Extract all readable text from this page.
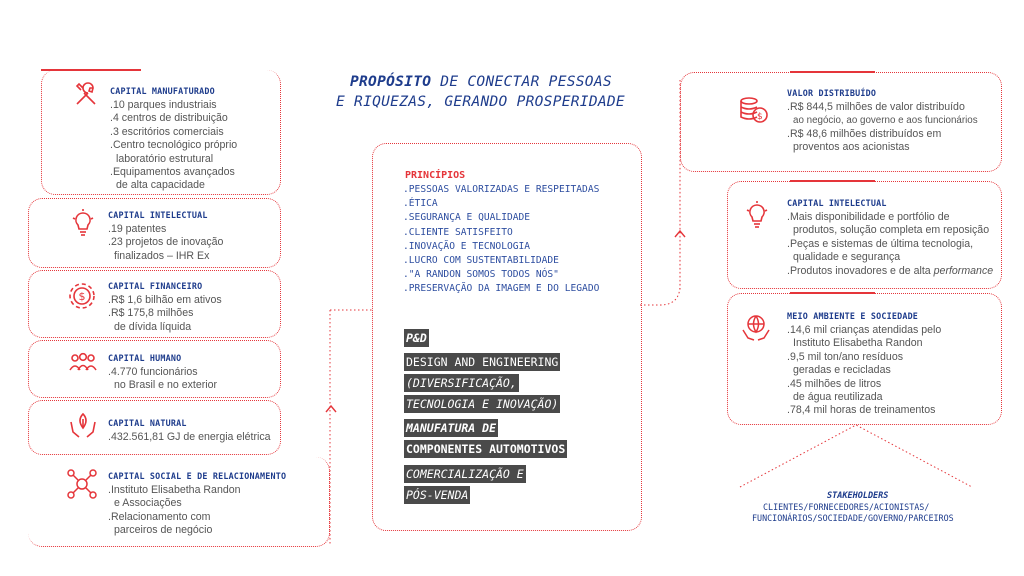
$
CAPITAL MANUFATURADO
.10 parques industriais
.4 centros de distribuição
.3 escritórios comerciais
.Centro tecnológico próprio
laboratório estrutural
.Equipamentos avançados
de alta capacidade
CAPITAL INTELECTUAL
.19 patentes
.23 projetos de inovação
finalizados – IHR Ex
CAPITAL FINANCEIRO
.R$ 1,6 bilhão em ativos
.R$ 175,8 milhões
de dívida líquida
CAPITAL HUMANO
.4.770 funcionários
no Brasil e no exterior
CAPITAL NATURAL
.432.561,81 GJ de energia elétrica
CAPITAL SOCIAL E DE RELACIONAMENTO
.Instituto Elisabetha Randon
e Associações
.Relacionamento com
parceiros de negócio
PROPÓSITO DE CONECTAR PESSOAS
E RIQUEZAS, GERANDO PROSPERIDADE
PRINCÍPIOS
.PESSOAS VALORIZADAS E RESPEITADAS
.ÉTICA
.SEGURANÇA E QUALIDADE
.CLIENTE SATISFEITO
.INOVAÇÃO E TECNOLOGIA
.LUCRO COM SUSTENTABILIDADE
."A RANDON SOMOS TODOS NÓS"
.PRESERVAÇÃO DA IMAGEM E DO LEGADO
P&D
DESIGN AND ENGINEERING
(DIVERSIFICAÇÃO,
TECNOLOGIA E INOVAÇÃO)
MANUFATURA DE
COMPONENTES AUTOMOTIVOS
COMERCIALIZAÇÃO E
PÓS-VENDA
$
VALOR DISTRIBUÍDO
.R$ 844,5 milhões de valor distribuído
ao negócio, ao governo e aos funcionários
.R$ 48,6 milhões distribuídos em
proventos aos acionistas
CAPITAL INTELECTUAL
.Mais disponibilidade e portfólio de
produtos, solução completa em reposição
.Peças e sistemas de última tecnologia,
qualidade e segurança
.Produtos inovadores e de alta performance
MEIO AMBIENTE E SOCIEDADE
.14,6 mil crianças atendidas pelo
Instituto Elisabetha Randon
.9,5 mil ton/ano resíduos
geradas e recicladas
.45 milhões de litros
de água reutilizada
.78,4 mil horas de treinamentos
STAKEHOLDERS
CLIENTES/FORNECEDORES/ACIONISTAS/
FUNCIONÁRIOS/SOCIEDADE/GOVERNO/PARCEIROS
